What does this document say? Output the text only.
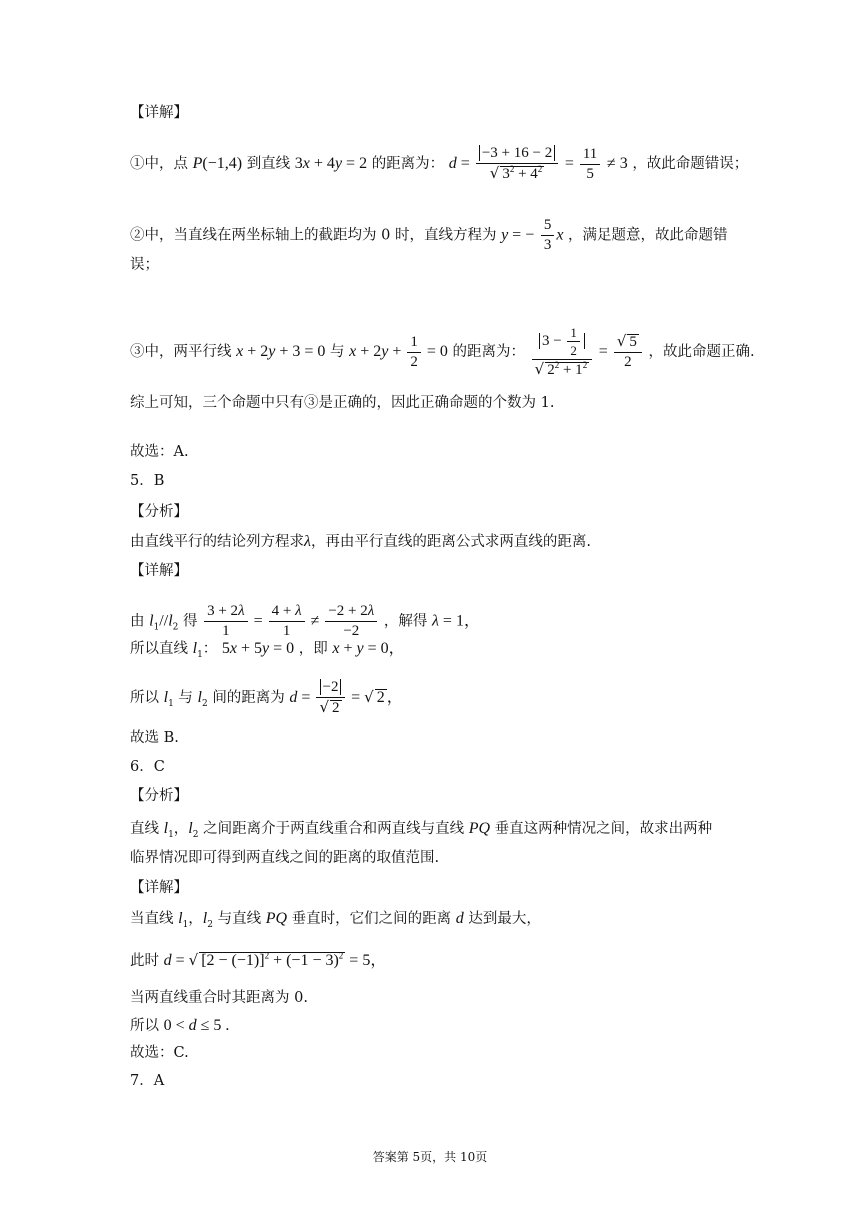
【详解】
①中，点 P(−1,4) 到直线 3x + 4y = 2 的距离为： $d = \frac{-3 + 16 - 2}{√ 3^2 + 4^2} = \frac{11}{5} \ne 3$ ，故此命题错误；
②中，当直线在两坐标轴上的截距均为 0 时，直线方程为 y = − $\frac{5}{3}$ x ，满足题意，故此命题错
误；
③中，两平行线 x + 2y + 3 = 0 与 $x + 2y + \frac{1}{2} = 0$ 的距离为： $\frac{3 - \frac{1}{2}}{√ 2^2 + 1^2} = \frac{√ 5}{2}$ ，故此命题正确.
综上可知，三个命题中只有③是正确的，因此正确命题的个数为 1.
故选：A.
5．B
【分析】
由直线平行的结论列方程求λ，再由平行直线的距离公式求两直线的距离.
【详解】
由 $l_1//l_2$ 得 $\frac{3 + 2\lambda}{1} = \frac{4 + \lambda}{1} \ne \frac{-2 + 2\lambda}{-2}$ ，解得 λ = 1，
所以直线 $l_1$： 5x + 5y = 0 ，即 x + y = 0，
所以 $l_1$ 与 $l_2$ 间的距离为 $d = \frac{-2}{√ 2}$ = √ 2 ，
故选 B.
6．C
【分析】
直线 $l_1$，$l_2$ 之间距离介于两直线重合和两直线与直线 PQ 垂直这两种情况之间，故求出两种
临界情况即可得到两直线之间的距离的取值范围.
【详解】
当直线 $l_1$，$l_2$ 与直线 PQ 垂直时，它们之间的距离 d 达到最大，
此时 d = √ $[2 - (-1)]^2 + (-1 - 3)^2 = 5$，
当两直线重合时其距离为 0.
所以 0 < d ≤ 5 .
故选：C.
7．A
答案第 5页，共 10页
